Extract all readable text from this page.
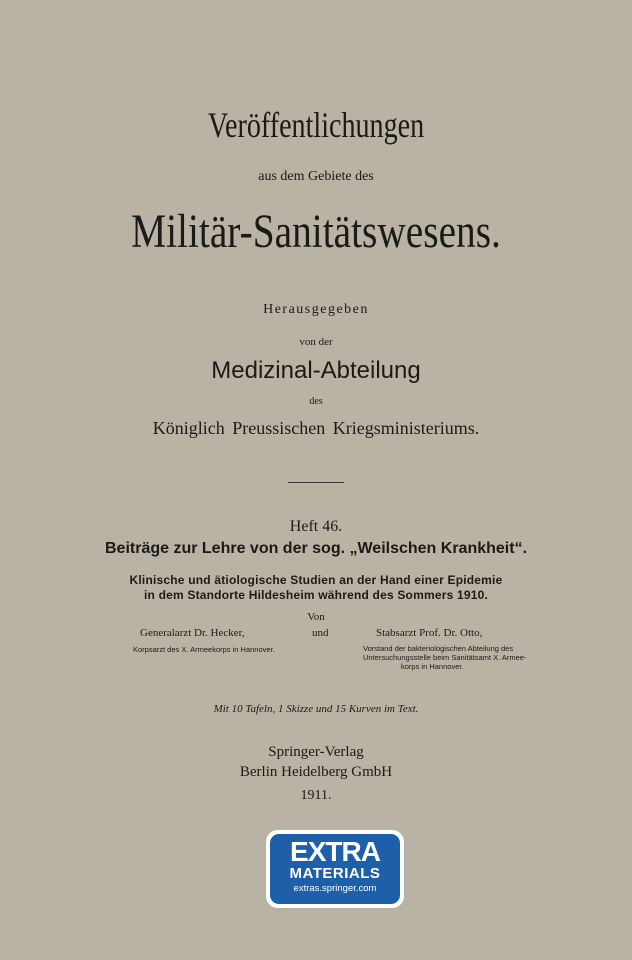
Veröffentlichungen
aus dem Gebiete des
Militär-Sanitätswesens.
Herausgegeben
von der
Medizinal-Abteilung
des
Königlich Preussischen Kriegsministeriums.
Heft 46.
Beiträge zur Lehre von der sog. „Weilschen Krankheit“.
Klinische und ätiologische Studien an der Hand einer Epidemie
in dem Standorte Hildesheim während des Sommers 1910.
Von
Generalarzt Dr. Hecker,
Korpsarzt des X. Armeekorps in Hannover.
und	Stabsarzt Prof. Dr. Otto,
Vorstand der bakteriologischen Abteilung des
Untersuchungsstelle beim Sanitätsamt X. Armee-
korps in Hannover.
Mit 10 Tafeln, 1 Skizze und 15 Kurven im Text.
Springer-Verlag
Berlin Heidelberg GmbH
1911.
EXTRA
MATERIALS
extras.springer.com
